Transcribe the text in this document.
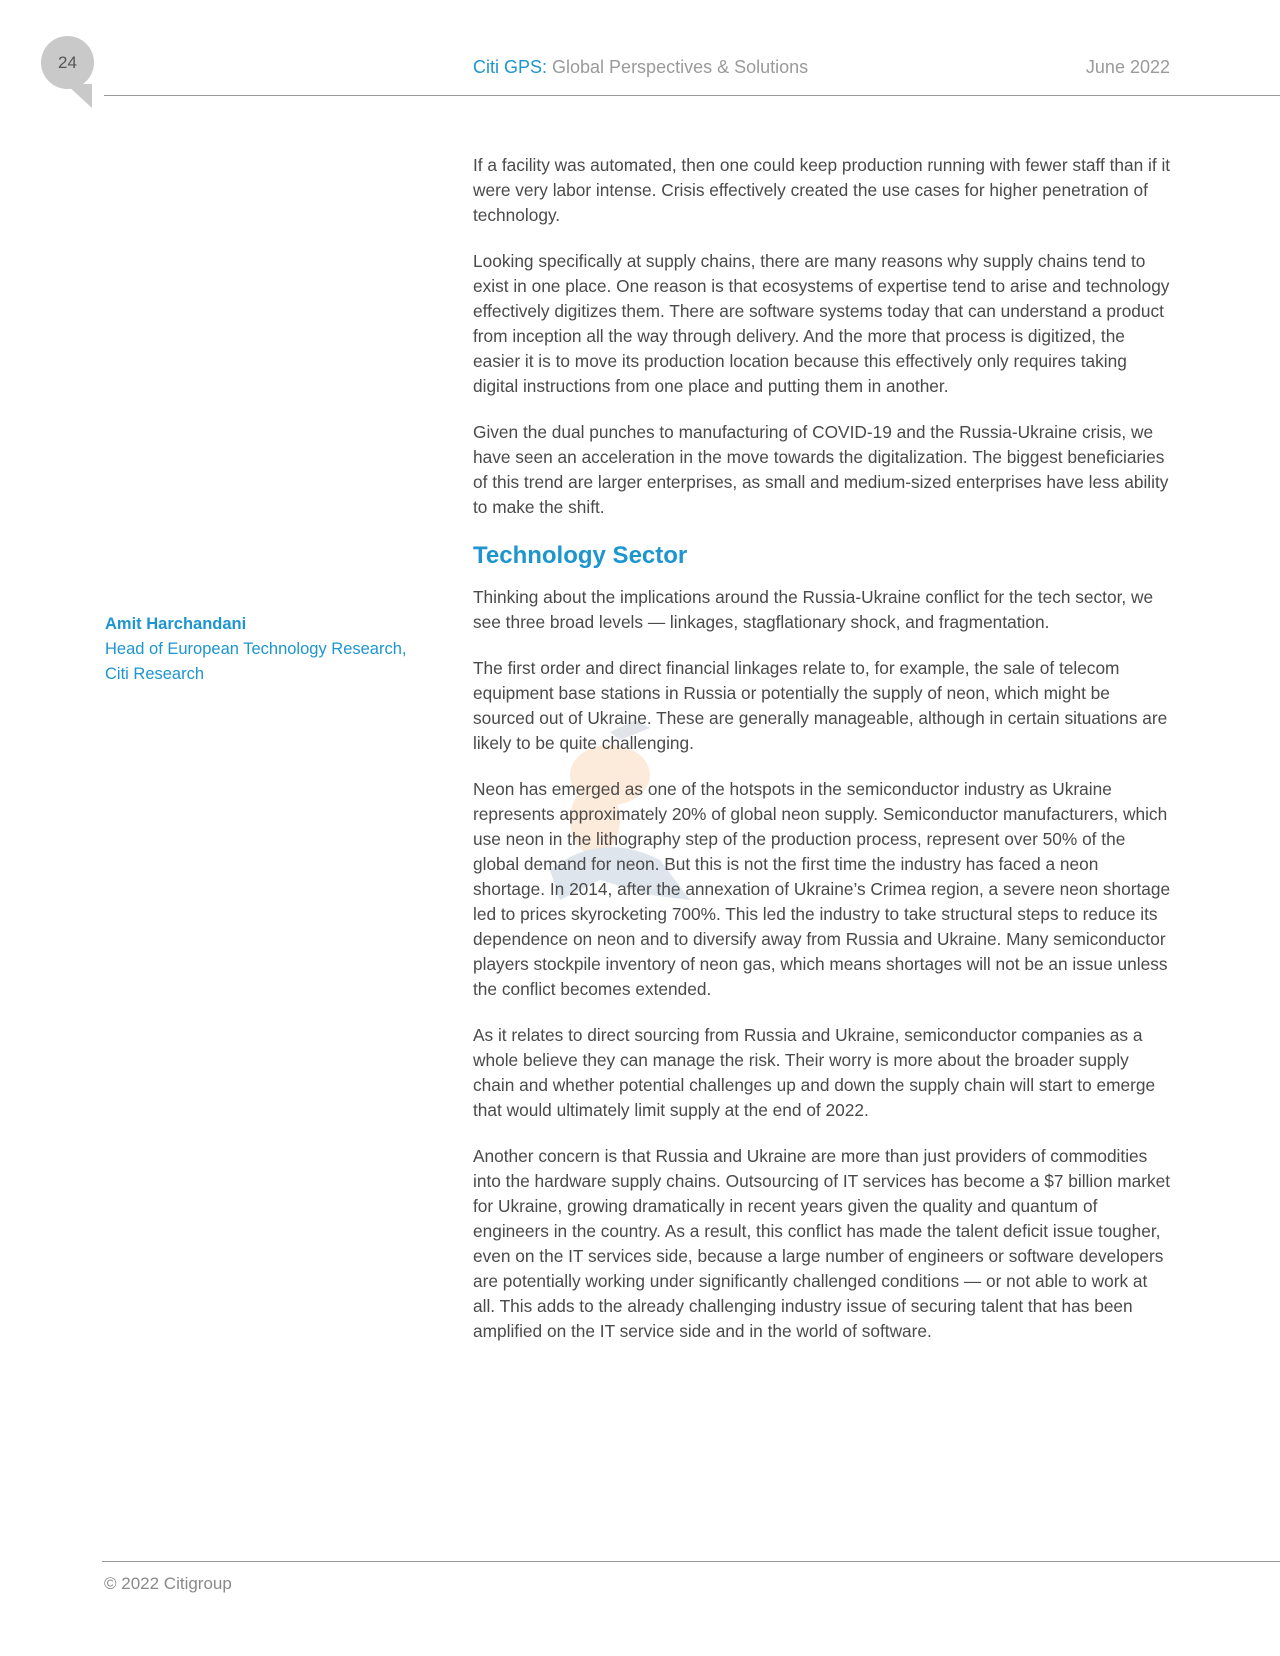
24	Citi GPS: Global Perspectives & Solutions	June 2022
Amit Harchandani
Head of European Technology Research,
Citi Research

If a facility was automated, then one could keep production running with fewer staff than if it were very labor intense. Crisis effectively created the use cases for higher penetration of technology.

Looking specifically at supply chains, there are many reasons why supply chains tend to exist in one place. One reason is that ecosystems of expertise tend to arise and technology effectively digitizes them. There are software systems today that can understand a product from inception all the way through delivery. And the more that process is digitized, the easier it is to move its production location because this effectively only requires taking digital instructions from one place and putting them in another.

Given the dual punches to manufacturing of COVID-19 and the Russia-Ukraine crisis, we have seen an acceleration in the move towards the digitalization. The biggest beneficiaries of this trend are larger enterprises, as small and medium-sized enterprises have less ability to make the shift.

Technology Sector

Thinking about the implications around the Russia-Ukraine conflict for the tech sector, we see three broad levels — linkages, stagflationary shock, and fragmentation.

The first order and direct financial linkages relate to, for example, the sale of telecom equipment base stations in Russia or potentially the supply of neon, which might be sourced out of Ukraine. These are generally manageable, although in certain situations are likely to be quite challenging.

Neon has emerged as one of the hotspots in the semiconductor industry as Ukraine represents approximately 20% of global neon supply. Semiconductor manufacturers, which use neon in the lithography step of the production process, represent over 50% of the global demand for neon. But this is not the first time the industry has faced a neon shortage. In 2014, after the annexation of Ukraine’s Crimea region, a severe neon shortage led to prices skyrocketing 700%. This led the industry to take structural steps to reduce its dependence on neon and to diversify away from Russia and Ukraine. Many semiconductor players stockpile inventory of neon gas, which means shortages will not be an issue unless the conflict becomes extended.

As it relates to direct sourcing from Russia and Ukraine, semiconductor companies as a whole believe they can manage the risk. Their worry is more about the broader supply chain and whether potential challenges up and down the supply chain will start to emerge that would ultimately limit supply at the end of 2022.

Another concern is that Russia and Ukraine are more than just providers of commodities into the hardware supply chains. Outsourcing of IT services has become a $7 billion market for Ukraine, growing dramatically in recent years given the quality and quantum of engineers in the country. As a result, this conflict has made the talent deficit issue tougher, even on the IT services side, because a large number of engineers or software developers are potentially working under significantly challenged conditions — or not able to work at all. This adds to the already challenging industry issue of securing talent that has been amplified on the IT service side and in the world of software.

© 2022 Citigroup
